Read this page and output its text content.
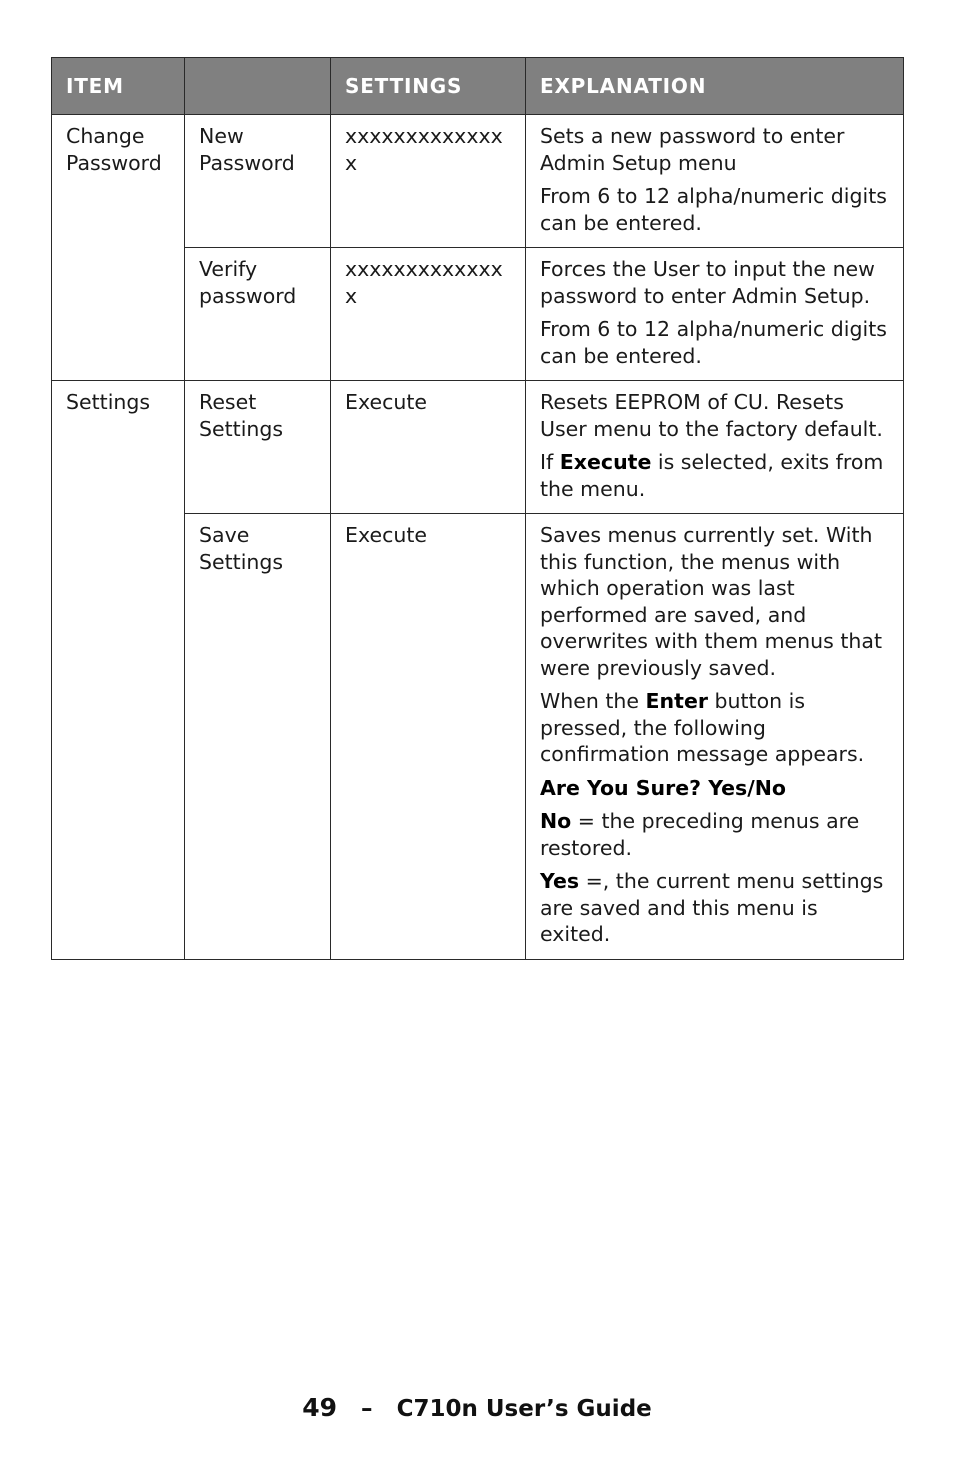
ITEM		SETTINGS	EXPLANATION
Change Password	New Password	xxxxxxxxxxxxxx	Sets a new password to enter Admin Setup menu

From 6 to 12 alpha/numeric digits can be entered.

	Verify password	xxxxxxxxxxxxxx	Forces the User to input the new password to enter Admin Setup.

From 6 to 12 alpha/numeric digits can be entered.

Settings	Reset Settings	Execute	Resets EEPROM of CU. Resets User menu to the factory default.

If Execute is selected, exits from the menu.

	Save Settings	Execute	Saves menus currently set. With this function, the menus with which operation was last performed are saved, and overwrites with them menus that were previously saved.

When the Enter button is pressed, the following confirmation message appears.

Are You Sure? Yes/No

No = the preceding menus are restored.

Yes =, the current menu settings are saved and this menu is exited.

49 – C710n User’s Guide
